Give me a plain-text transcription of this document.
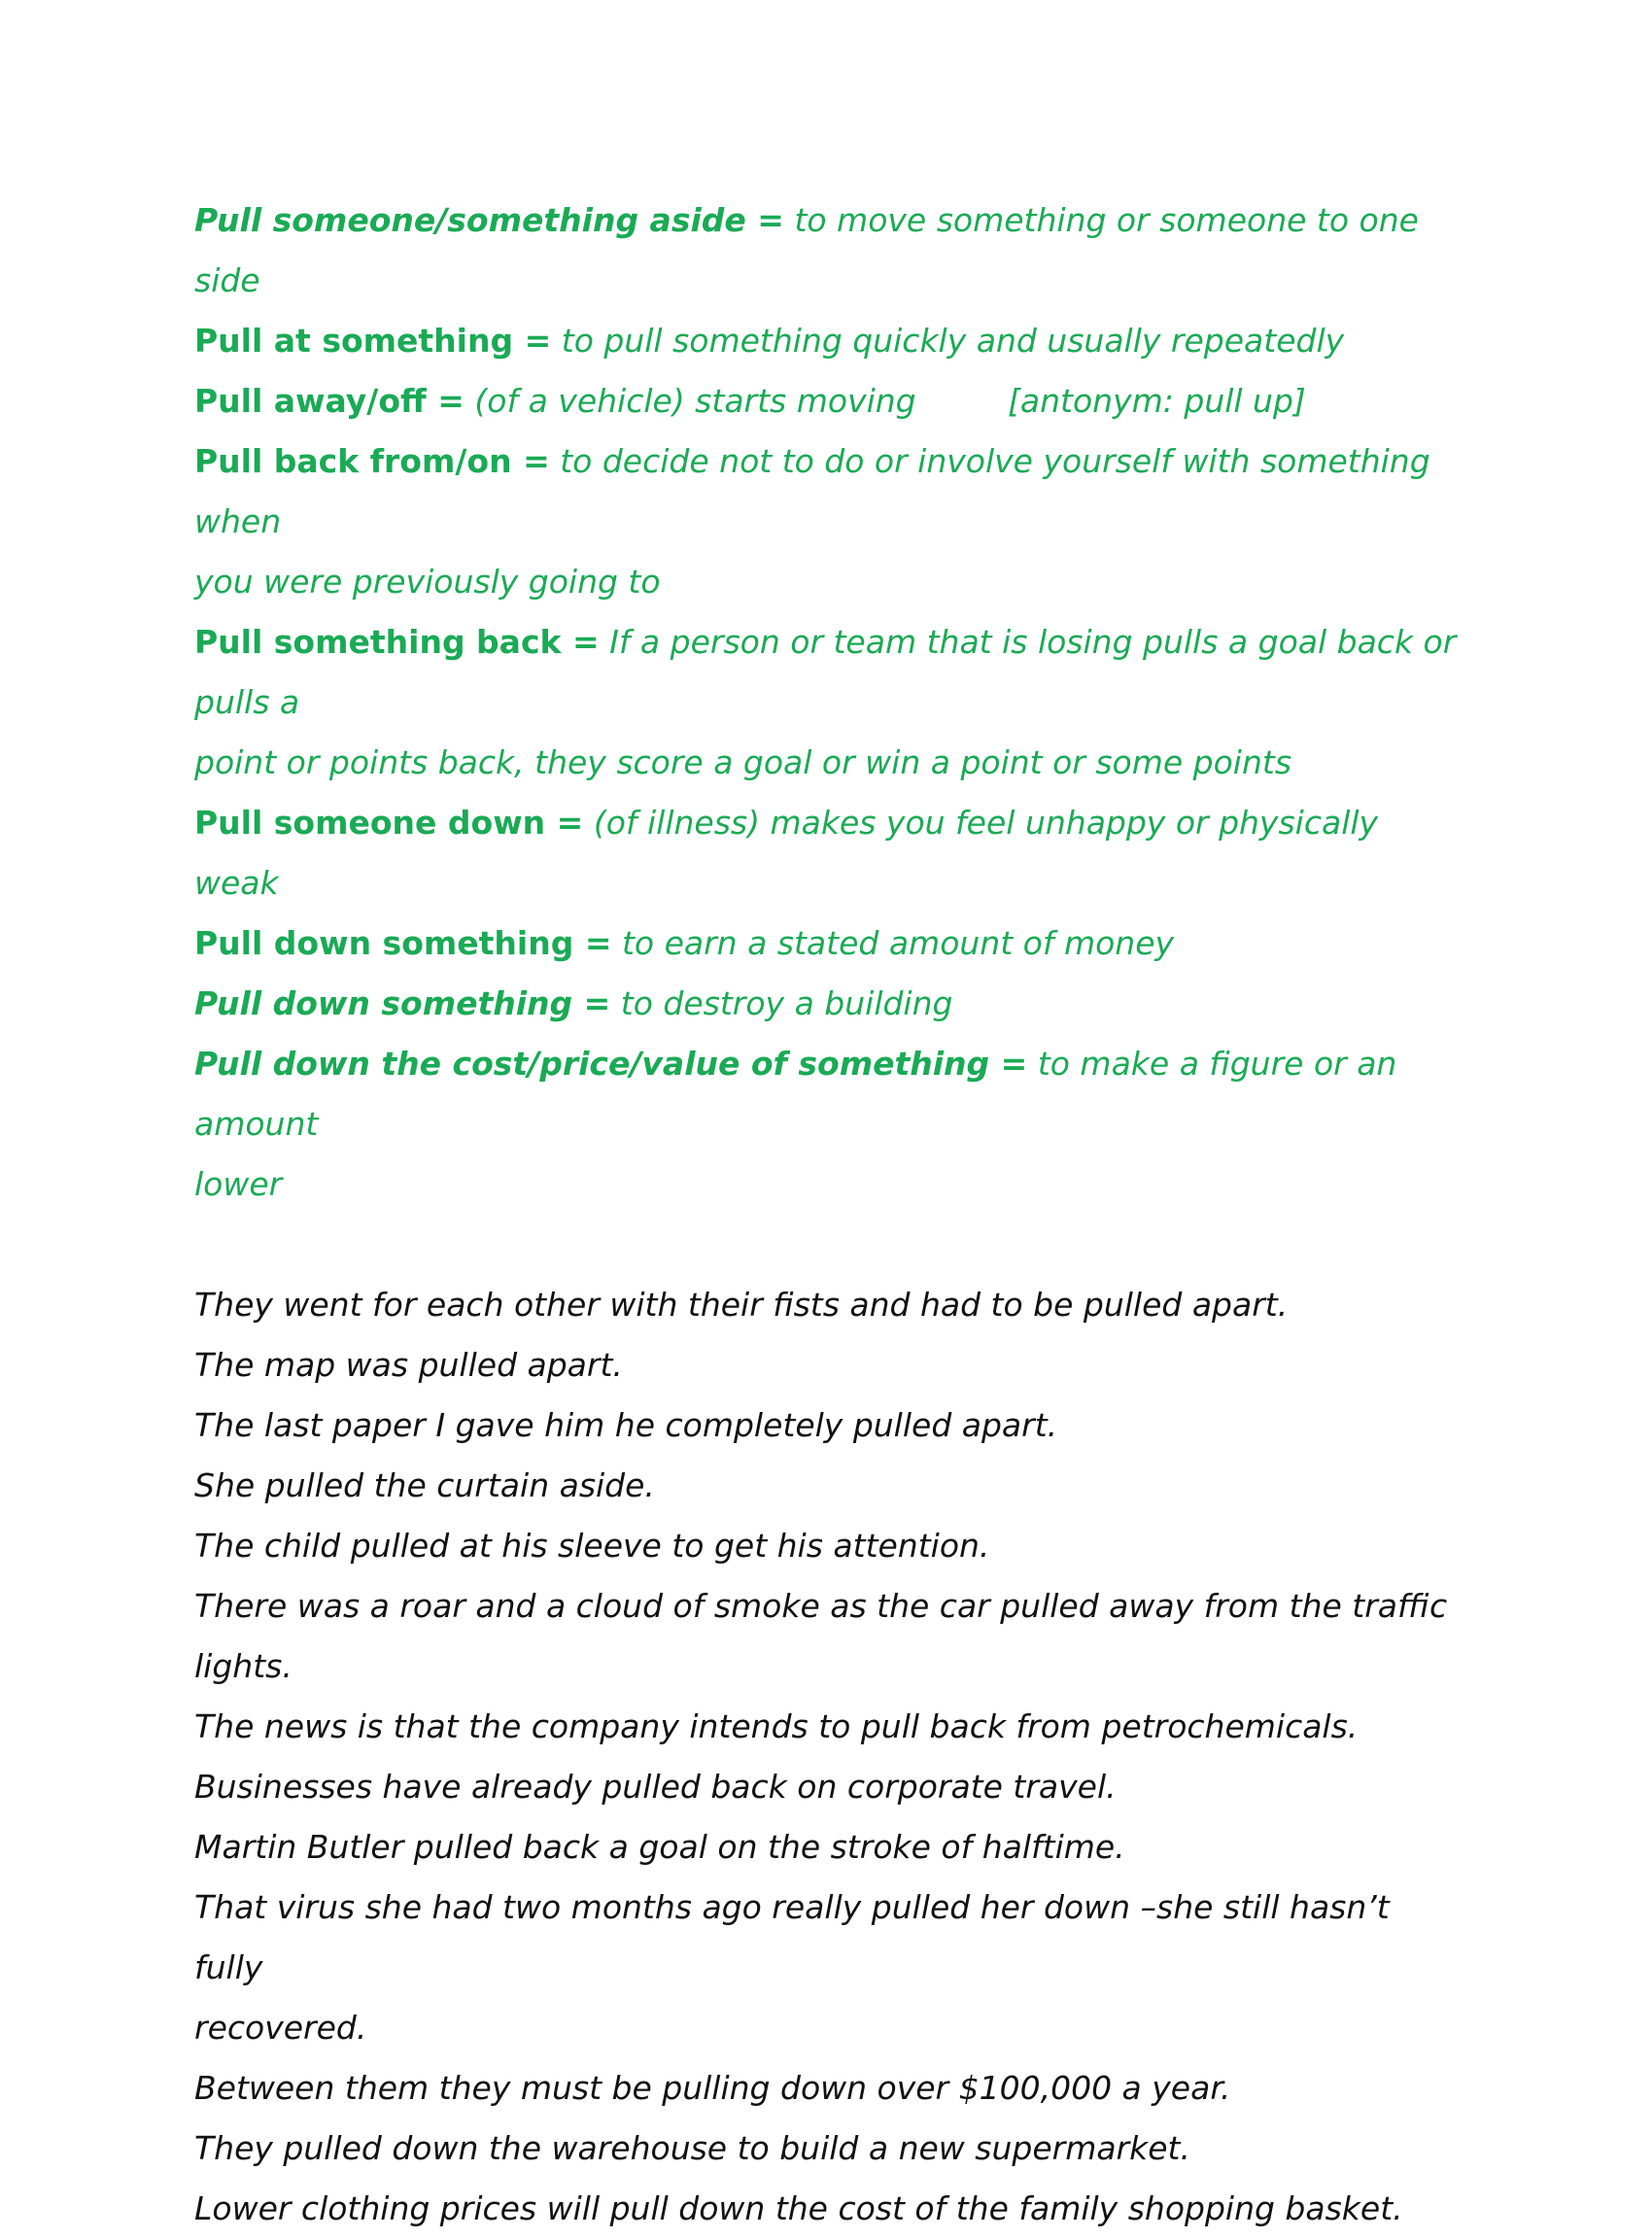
Pull someone/something aside = to move something or someone to one side

Pull at something = to pull something quickly and usually repeatedly

Pull away/off = (of a vehicle) starts moving         [antonym: pull up]

Pull back from/on = to decide not to do or involve yourself with something when

you were previously going to

Pull something back = If a person or team that is losing pulls a goal back or pulls a

point or points back, they score a goal or win a point or some points

Pull someone down = (of illness) makes you feel unhappy or physically weak

Pull down something = to earn a stated amount of money

Pull down something = to destroy a building

Pull down the cost/price/value of something = to make a figure or an amount

lower

They went for each other with their fists and had to be pulled apart.

The map was pulled apart.

The last paper I gave him he completely pulled apart.

She pulled the curtain aside.

The child pulled at his sleeve to get his attention.

There was a roar and a cloud of smoke as the car pulled away from the traffic

lights.

The news is that the company intends to pull back from petrochemicals.

Businesses have already pulled back on corporate travel.

Martin Butler pulled back a goal on the stroke of halftime.

That virus she had two months ago really pulled her down –she still hasn’t fully

recovered.

Between them they must be pulling down over $100,000 a year.

They pulled down the warehouse to build a new supermarket.

Lower clothing prices will pull down the cost of the family shopping basket.
